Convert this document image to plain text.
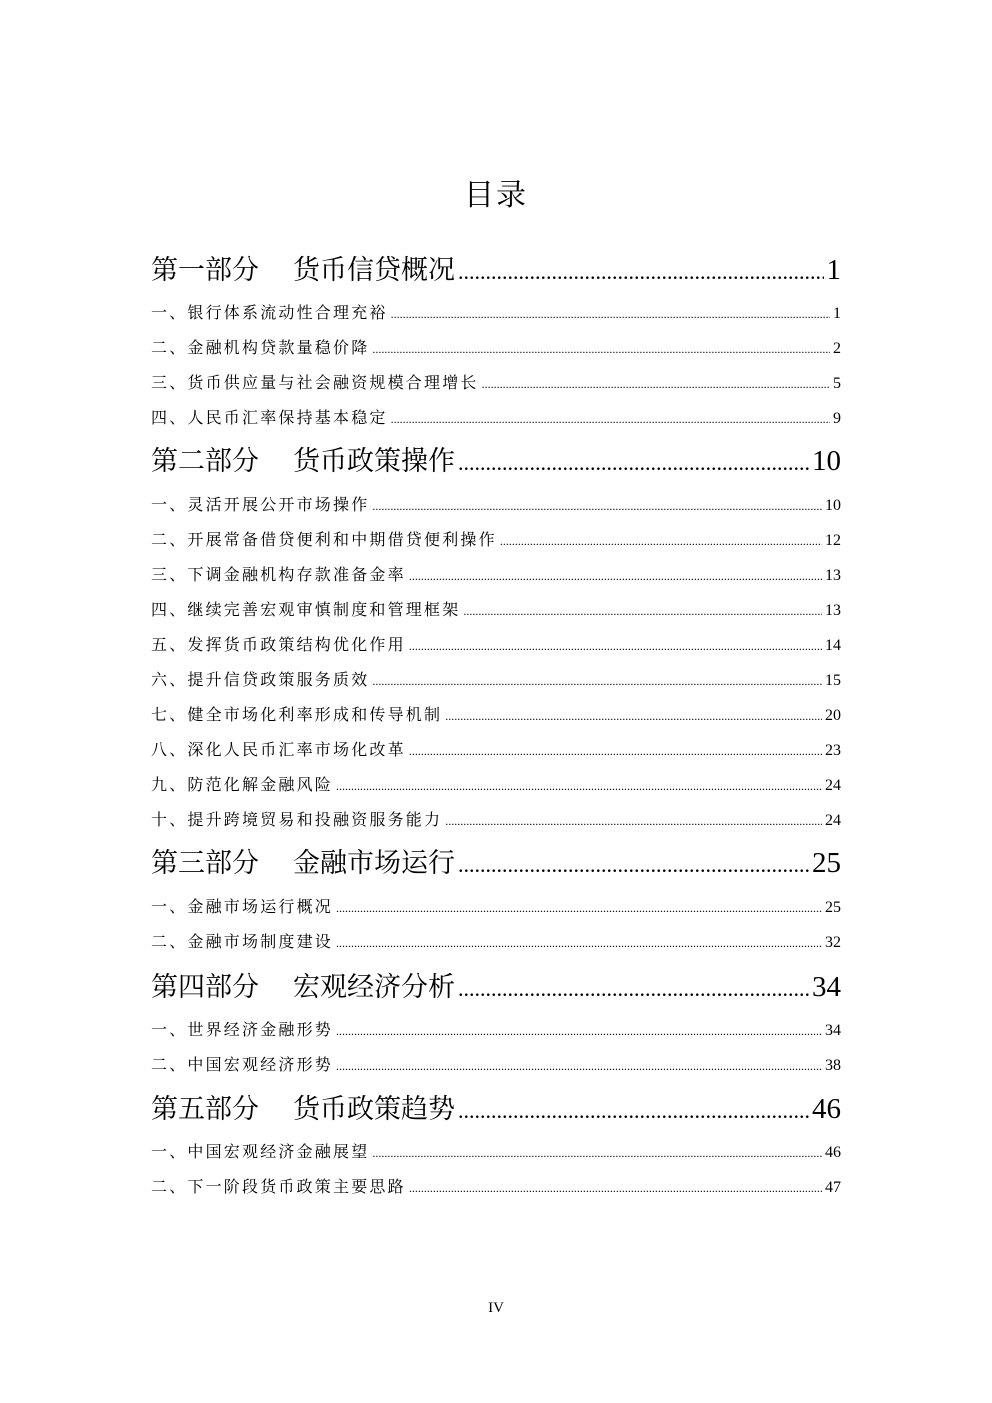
目录
第一部分 货币信贷概况 .....	1
一、银行体系流动性合理充裕 .....	1
二、金融机构贷款量稳价降 .....	2
三、货币供应量与社会融资规模合理增长 .....	5
四、人民币汇率保持基本稳定 .....	9
第二部分 货币政策操作 .....	10
一、灵活开展公开市场操作 .....	10
二、开展常备借贷便利和中期借贷便利操作 .....	12
三、下调金融机构存款准备金率 .....	13
四、继续完善宏观审慎制度和管理框架 .....	13
五、发挥货币政策结构优化作用 .....	14
六、提升信贷政策服务质效 .....	15
七、健全市场化利率形成和传导机制 .....	20
八、深化人民币汇率市场化改革 .....	23
九、防范化解金融风险 .....	24
十、提升跨境贸易和投融资服务能力 .....	24
第三部分 金融市场运行 .....	25
一、金融市场运行概况 .....	25
二、金融市场制度建设 .....	32
第四部分 宏观经济分析 .....	34
一、世界经济金融形势 .....	34
二、中国宏观经济形势 .....	38
第五部分 货币政策趋势 .....	46
一、中国宏观经济金融展望 .....	46
二、下一阶段货币政策主要思路 .....	47
IV
